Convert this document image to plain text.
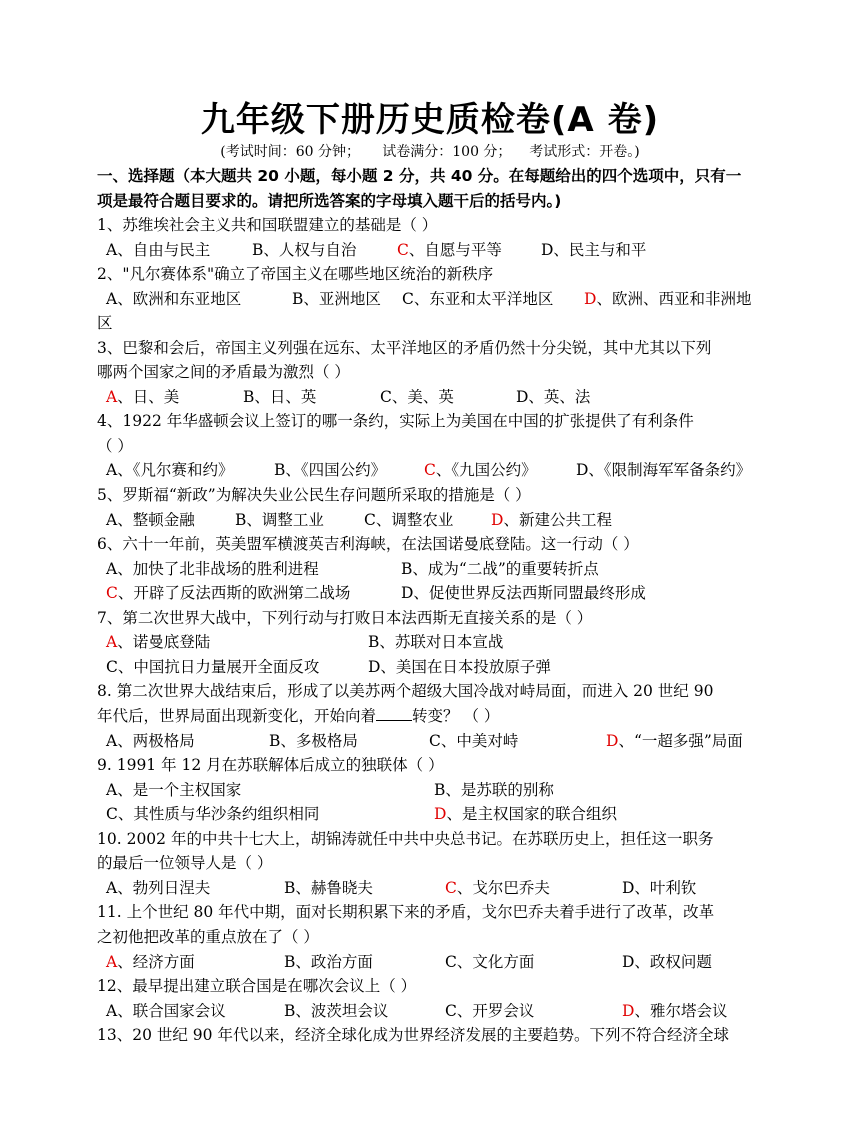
九年级下册历史质检卷(A 卷)
(考试时间：60 分钟；     试卷满分：100 分；    考试形式：开卷。)
一、选择题（本大题共 20 小题，每小题 2 分，共 40 分。在每题给出的四个选项中，只有一
项是最符合题目要求的。请把所选答案的字母填入题干后的括号内。)
1、苏维埃社会主义共和国联盟建立的基础是（ ）
A、自由与民主	B、人权与自治	C、自愿与平等	D、民主与和平
2、"凡尔赛体系"确立了帝国主义在哪些地区统治的新秩序
A、欧洲和东亚地区	B、亚洲地区 C、东亚和太平洋地区 D、欧洲、西亚和非洲地
区
3、巴黎和会后，帝国主义列强在远东、太平洋地区的矛盾仍然十分尖锐，其中尤其以下列
哪两个国家之间的矛盾最为激烈（ ）
A、日、美	B、日、英	C、美、英	D、英、法
4、1922 年华盛顿会议上签订的哪一条约，实际上为美国在中国的扩张提供了有利条件
（ ）
A、《凡尔赛和约》	B、《四国公约》 C、《九国公约》	D、《限制海军军备条约》
5、罗斯福“新政”为解决失业公民生存问题所采取的措施是（ ）
A、整顿金融	B、调整工业	C、调整农业 D、新建公共工程
6、六十一年前，英美盟军横渡英吉利海峡，在法国诺曼底登陆。这一行动（ ）
A、加快了北非战场的胜利进程	B、成为“二战”的重要转折点
C、开辟了反法西斯的欧洲第二战场	D、促使世界反法西斯同盟最终形成
7、第二次世界大战中，下列行动与打败日本法西斯无直接关系的是（ ）
A、诺曼底登陆	B、苏联对日本宣战
C、中国抗日力量展开全面反攻	D、美国在日本投放原子弹
8. 第二次世界大战结束后，形成了以美苏两个超级大国冷战对峙局面，而进入 20 世纪 90
年代后，世界局面出现新变化，开始向着 转变？ （ ）
A、两极格局	B、多极格局	C、中美对峙	D、“一超多强”局面
9. 1991 年 12 月在苏联解体后成立的独联体（ ）
A、是一个主权国家	B、是苏联的别称
C、其性质与华沙条约组织相同	D、是主权国家的联合组织
10. 2002 年的中共十七大上，胡锦涛就任中共中央总书记。在苏联历史上，担任这一职务
的最后一位领导人是（ ）
A、勃列日涅夫	B、赫鲁晓夫	C、戈尔巴乔夫	D、叶利钦
11. 上个世纪 80 年代中期，面对长期积累下来的矛盾，戈尔巴乔夫着手进行了改革，改革
之初他把改革的重点放在了（ ）
A、经济方面	B、政治方面	C、文化方面	D、政权问题
12、最早提出建立联合国是在哪次会议上（ ）
A、联合国家会议	B、波茨坦会议	C、开罗会议	D、雅尔塔会议
13、20 世纪 90 年代以来，经济全球化成为世界经济发展的主要趋势。下列不符合经济全球
